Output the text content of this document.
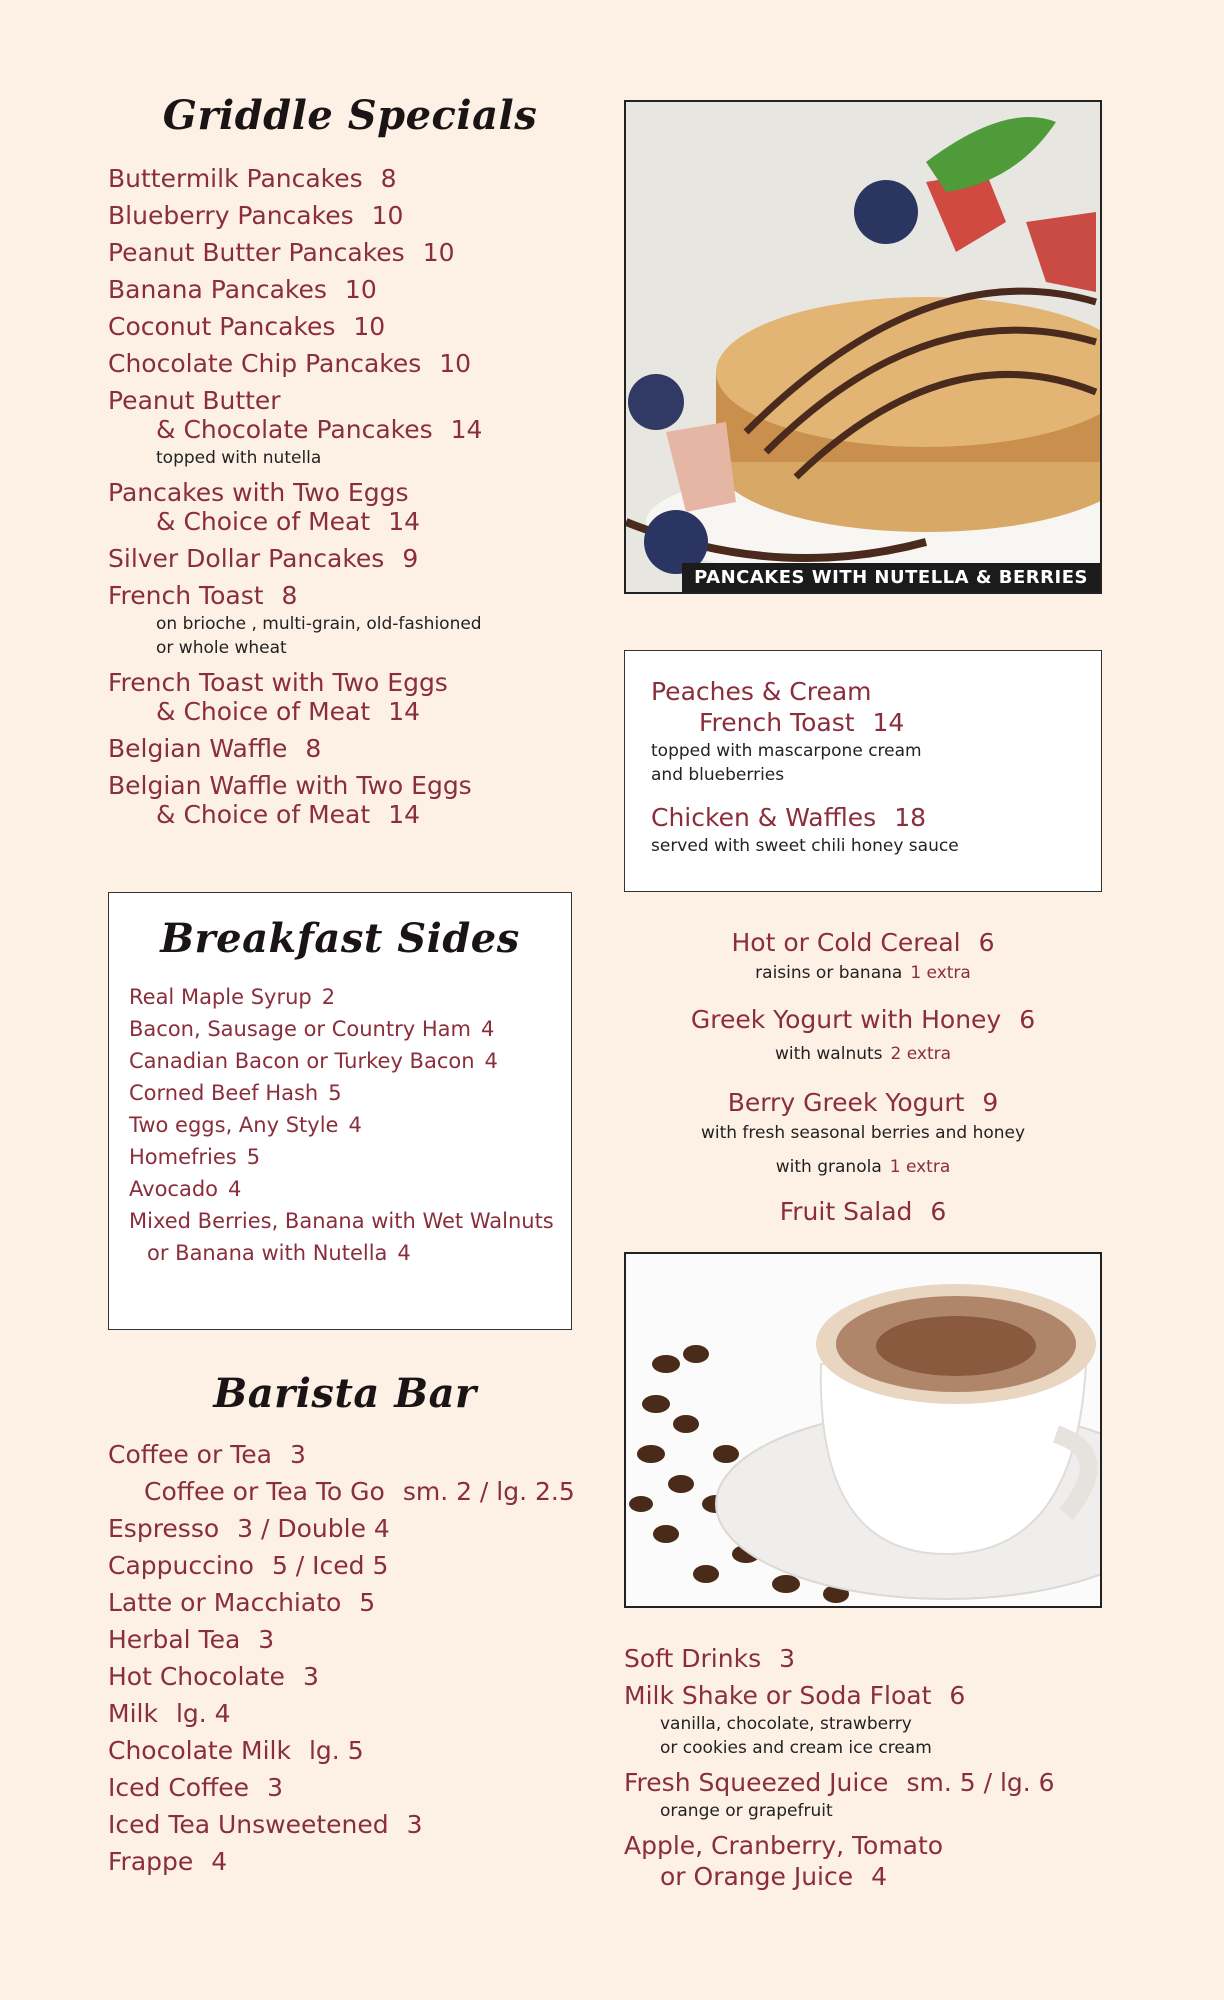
Griddle Specials
Buttermilk Pancakes 8
Blueberry Pancakes 10
Peanut Butter Pancakes 10
Banana Pancakes 10
Coconut Pancakes 10
Chocolate Chip Pancakes 10
Peanut Butter
& Chocolate Pancakes 14
topped with nutella
Pancakes with Two Eggs
& Choice of Meat 14
Silver Dollar Pancakes 9
French Toast 8
on brioche , multi-grain, old-fashioned
or whole wheat
French Toast with Two Eggs
& Choice of Meat 14
Belgian Waffle 8
Belgian Waffle with Two Eggs
& Choice of Meat 14
PANCAKES WITH NUTELLA & BERRIES
Peaches & Cream
French Toast 14
topped with mascarpone cream
and blueberries
Chicken & Waffles 18
served with sweet chili honey sauce
Breakfast Sides
Real Maple Syrup 2
Bacon, Sausage or Country Ham 4
Canadian Bacon or Turkey Bacon 4
Corned Beef Hash 5
Two eggs, Any Style 4
Homefries 5
Avocado 4
Mixed Berries, Banana with Wet Walnuts
or Banana with Nutella 4
Hot or Cold Cereal 6
raisins or banana 1 extra
Greek Yogurt with Honey 6
with walnuts 2 extra
Berry Greek Yogurt 9
with fresh seasonal berries and honey
with granola 1 extra
Fruit Salad 6
Barista Bar
Coffee or Tea 3
Coffee or Tea To Go sm. 2 / lg. 2.5
Espresso 3 / Double 4
Cappuccino 5 / Iced 5
Latte or Macchiato 5
Herbal Tea 3
Hot Chocolate 3
Milk lg. 4
Chocolate Milk lg. 5
Iced Coffee 3
Iced Tea Unsweetened 3
Frappe 4
Soft Drinks 3
Milk Shake or Soda Float 6
vanilla, chocolate, strawberry
or cookies and cream ice cream
Fresh Squeezed Juice sm. 5 / lg. 6
orange or grapefruit
Apple, Cranberry, Tomato
or Orange Juice 4
